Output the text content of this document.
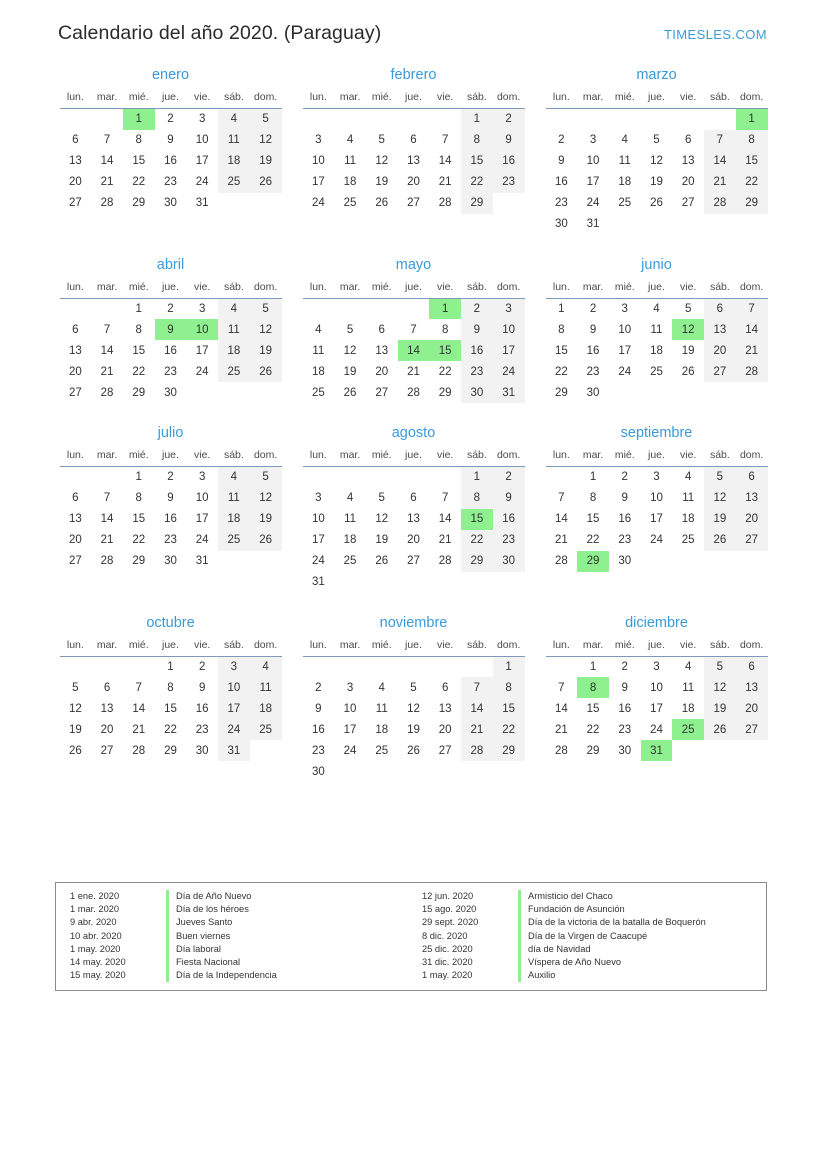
Calendario del año 2020. (Paraguay)	TIMESLES.COM
enero
lun.	mar.	mié.	jue.	vie.	sáb.	dom.
		1	2	3	4	5
6	7	8	9	10	11	12
13	14	15	16	17	18	19
20	21	22	23	24	25	26
27	28	29	30	31		
febrero
lun.	mar.	mié.	jue.	vie.	sáb.	dom.
					1	2
3	4	5	6	7	8	9
10	11	12	13	14	15	16
17	18	19	20	21	22	23
24	25	26	27	28	29	
marzo
lun.	mar.	mié.	jue.	vie.	sáb.	dom.
						1
2	3	4	5	6	7	8
9	10	11	12	13	14	15
16	17	18	19	20	21	22
23	24	25	26	27	28	29
30	31					
abril
lun.	mar.	mié.	jue.	vie.	sáb.	dom.
		1	2	3	4	5
6	7	8	9	10	11	12
13	14	15	16	17	18	19
20	21	22	23	24	25	26
27	28	29	30			
mayo
lun.	mar.	mié.	jue.	vie.	sáb.	dom.
				1	2	3
4	5	6	7	8	9	10
11	12	13	14	15	16	17
18	19	20	21	22	23	24
25	26	27	28	29	30	31
junio
lun.	mar.	mié.	jue.	vie.	sáb.	dom.
1	2	3	4	5	6	7
8	9	10	11	12	13	14
15	16	17	18	19	20	21
22	23	24	25	26	27	28
29	30					
julio
lun.	mar.	mié.	jue.	vie.	sáb.	dom.
		1	2	3	4	5
6	7	8	9	10	11	12
13	14	15	16	17	18	19
20	21	22	23	24	25	26
27	28	29	30	31		
agosto
lun.	mar.	mié.	jue.	vie.	sáb.	dom.
					1	2
3	4	5	6	7	8	9
10	11	12	13	14	15	16
17	18	19	20	21	22	23
24	25	26	27	28	29	30
31						
septiembre
lun.	mar.	mié.	jue.	vie.	sáb.	dom.
	1	2	3	4	5	6
7	8	9	10	11	12	13
14	15	16	17	18	19	20
21	22	23	24	25	26	27
28	29	30				
octubre
lun.	mar.	mié.	jue.	vie.	sáb.	dom.
			1	2	3	4
5	6	7	8	9	10	11
12	13	14	15	16	17	18
19	20	21	22	23	24	25
26	27	28	29	30	31	
noviembre
lun.	mar.	mié.	jue.	vie.	sáb.	dom.
						1
2	3	4	5	6	7	8
9	10	11	12	13	14	15
16	17	18	19	20	21	22
23	24	25	26	27	28	29
30						
diciembre
lun.	mar.	mié.	jue.	vie.	sáb.	dom.
	1	2	3	4	5	6
7	8	9	10	11	12	13
14	15	16	17	18	19	20
21	22	23	24	25	26	27
28	29	30	31			
1 ene. 2020	Día de Año Nuevo
1 mar. 2020	Día de los héroes
9 abr. 2020	Jueves Santo
10 abr. 2020	Buen viernes
1 may. 2020	Día laboral
14 may. 2020	Fiesta Nacional
15 may. 2020	Día de la Independencia
12 jun. 2020	Armisticio del Chaco
15 ago. 2020	Fundación de Asunción
29 sept. 2020	Día de la victoria de la batalla de Boquerón
8 dic. 2020	Día de la Virgen de Caacupé
25 dic. 2020	día de Navidad
31 dic. 2020	Víspera de Año Nuevo
1 may. 2020	Auxilio
